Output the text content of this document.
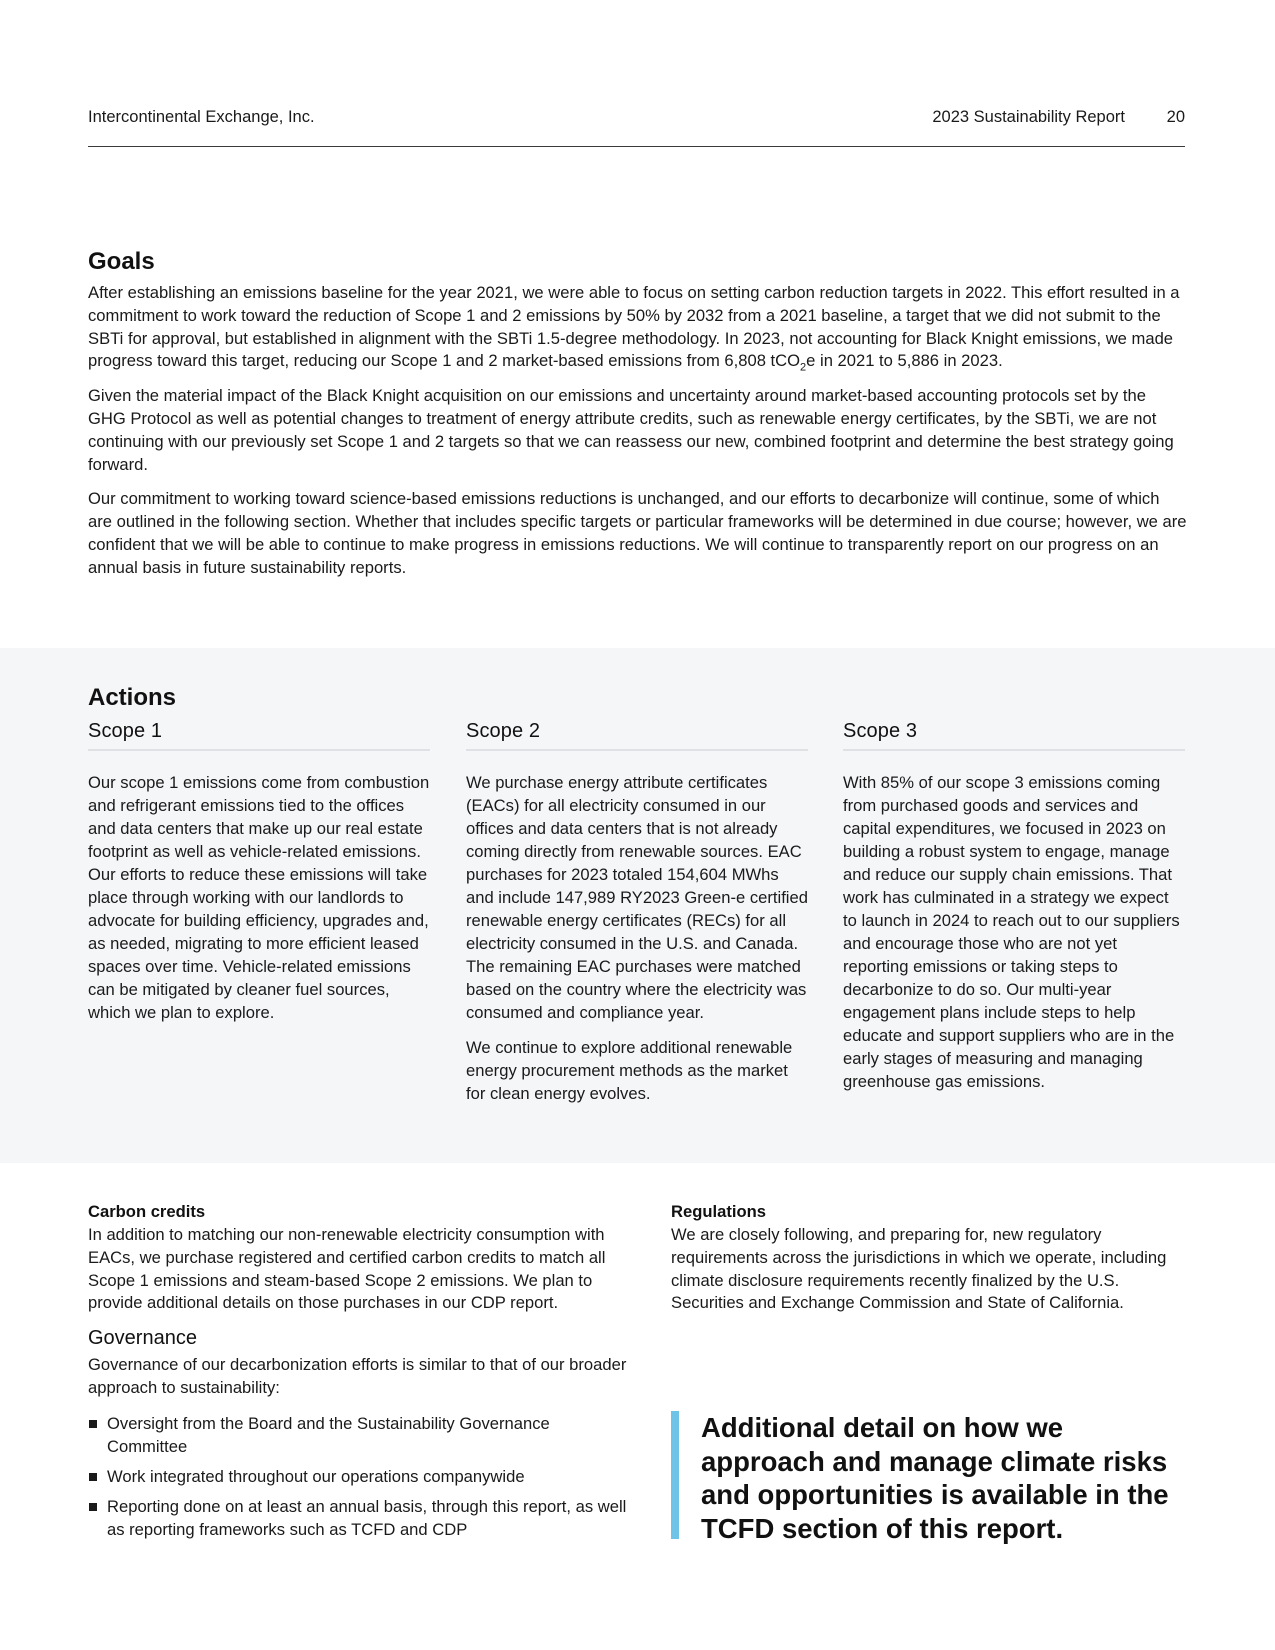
Intercontinental Exchange, Inc.	2023 Sustainability Report	20
Goals

After establishing an emissions baseline for the year 2021, we were able to focus on setting carbon reduction targets in 2022. This effort resulted in a commitment to work toward the reduction of Scope 1 and 2 emissions by 50% by 2032 from a 2021 baseline, a target that we did not submit to the SBTi for approval, but established in alignment with the SBTi 1.5-degree methodology. In 2023, not accounting for Black Knight emissions, we made progress toward this target, reducing our Scope 1 and 2 market-based emissions from 6,808 tCO$_2$e in 2021 to 5,886 in 2023.

Given the material impact of the Black Knight acquisition on our emissions and uncertainty around market-based accounting protocols set by the GHG Protocol as well as potential changes to treatment of energy attribute credits, such as renewable energy certificates, by the SBTi, we are not continuing with our previously set Scope 1 and 2 targets so that we can reassess our new, combined footprint and determine the best strategy going forward.

Our commitment to working toward science-based emissions reductions is unchanged, and our efforts to decarbonize will continue, some of which are outlined in the following section. Whether that includes specific targets or particular frameworks will be determined in due course; however, we are confident that we will be able to continue to make progress in emissions reductions. We will continue to transparently report on our progress on an annual basis in future sustainability reports.

Actions
Scope 1

Our scope 1 emissions come from combustion and refrigerant emissions tied to the offices and data centers that make up our real estate footprint as well as vehicle-related emissions. Our efforts to reduce these emissions will take place through working with our landlords to advocate for building efficiency, upgrades and, as needed, migrating to more efficient leased spaces over time. Vehicle-related emissions can be mitigated by cleaner fuel sources, which we plan to explore.

Scope 2

We purchase energy attribute certificates (EACs) for all electricity consumed in our offices and data centers that is not already coming directly from renewable sources. EAC purchases for 2023 totaled 154,604 MWhs and include 147,989 RY2023 Green-e certified renewable energy certificates (RECs) for all electricity consumed in the U.S. and Canada. The remaining EAC purchases were matched based on the country where the electricity was consumed and compliance year.

We continue to explore additional renewable energy procurement methods as the market for clean energy evolves.

Scope 3

With 85% of our scope 3 emissions coming from purchased goods and services and capital expenditures, we focused in 2023 on building a robust system to engage, manage and reduce our supply chain emissions. That work has culminated in a strategy we expect to launch in 2024 to reach out to our suppliers and encourage those who are not yet reporting emissions or taking steps to decarbonize to do so. Our multi-year engagement plans include steps to help educate and support suppliers who are in the early stages of measuring and managing greenhouse gas emissions.

Carbon credits

In addition to matching our non-renewable electricity consumption with EACs, we purchase registered and certified carbon credits to match all Scope 1 emissions and steam-based Scope 2 emissions. We plan to provide additional details on those purchases in our CDP report.

Governance

Governance of our decarbonization efforts is similar to that of our broader approach to sustainability:

Oversight from the Board and the Sustainability Governance Committee
Work integrated throughout our operations companywide
Reporting done on at least an annual basis, through this report, as well as reporting frameworks such as TCFD and CDP
Regulations

We are closely following, and preparing for, new regulatory requirements across the jurisdictions in which we operate, including climate disclosure requirements recently finalized by the U.S. Securities and Exchange Commission and State of California.

Additional detail on how we approach and manage climate risks and opportunities is available in the TCFD section of this report.
